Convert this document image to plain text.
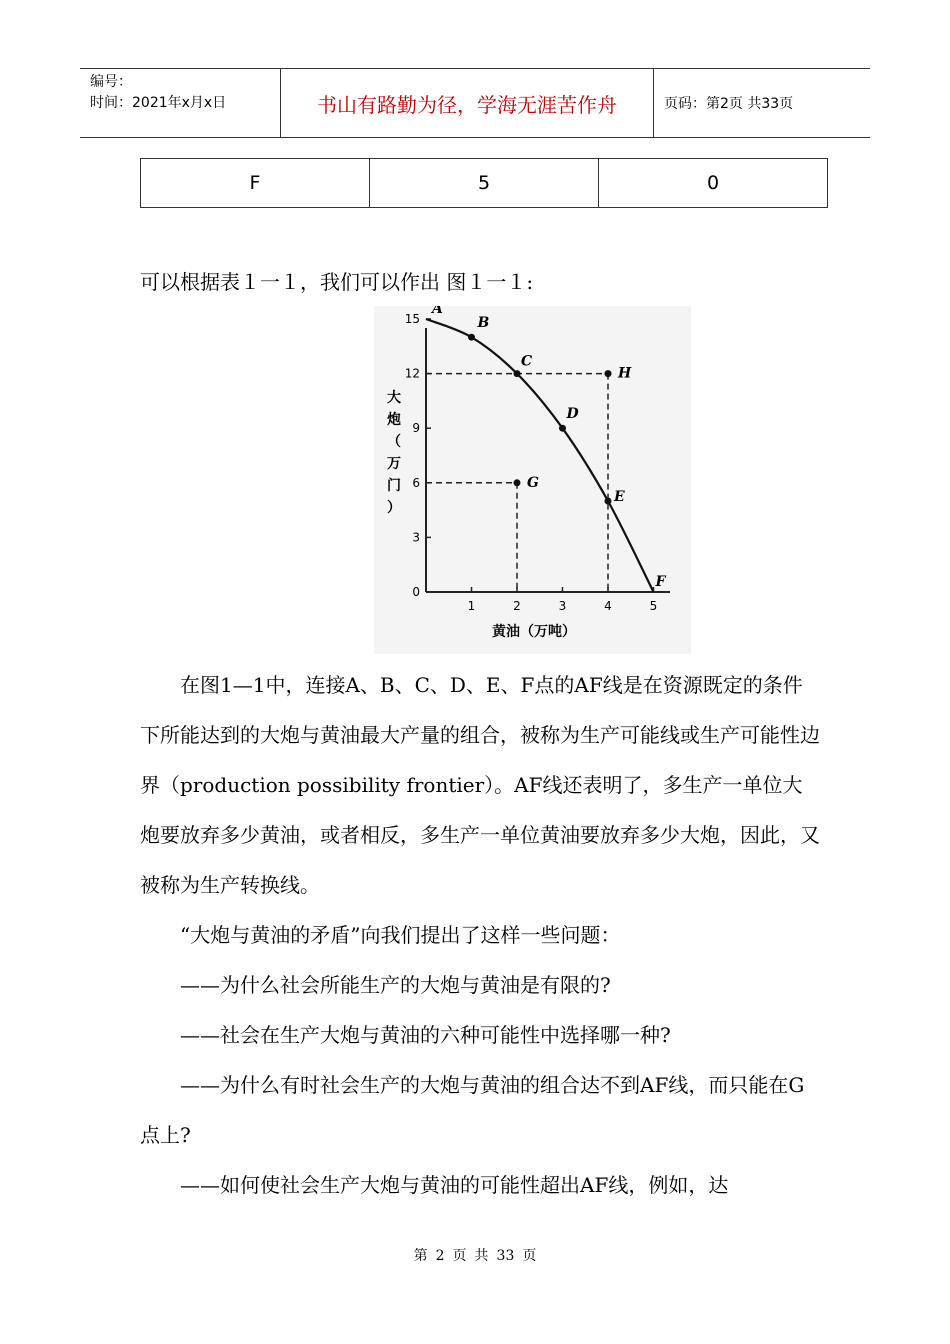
编号：
时间：2021年x月x日	书山有路勤为径，学海无涯苦作舟	页码：第2页 共33页
F	5	0
可以根据表１一１，我们可以作出 图１一１:
大
炮
（
万
门
）
黄油（万吨）
15
12
9
6
3
0
1	2	3	4	5
A
B
C
D
E
F
G
H

　　在图1—1中，连接A、B、C、D、E、F点的AF线是在资源既定的条件下所能达到的大炮与黄油最大产量的组合，被称为生产可能线或生产可能性边界（production possibility frontier）。AF线还表明了，多生产一单位大炮要放弃多少黄油，或者相反，多生产一单位黄油要放弃多少大炮，因此，又被称为生产转换线。

　　“大炮与黄油的矛盾”向我们提出了这样一些问题：

　　——为什么社会所能生产的大炮与黄油是有限的?

　　——社会在生产大炮与黄油的六种可能性中选择哪一种?

　　——为什么有时社会生产的大炮与黄油的组合达不到AF线，而只能在G点上?

　　——如何使社会生产大炮与黄油的可能性超出AF线，例如，达

第 2 页 共 33 页
